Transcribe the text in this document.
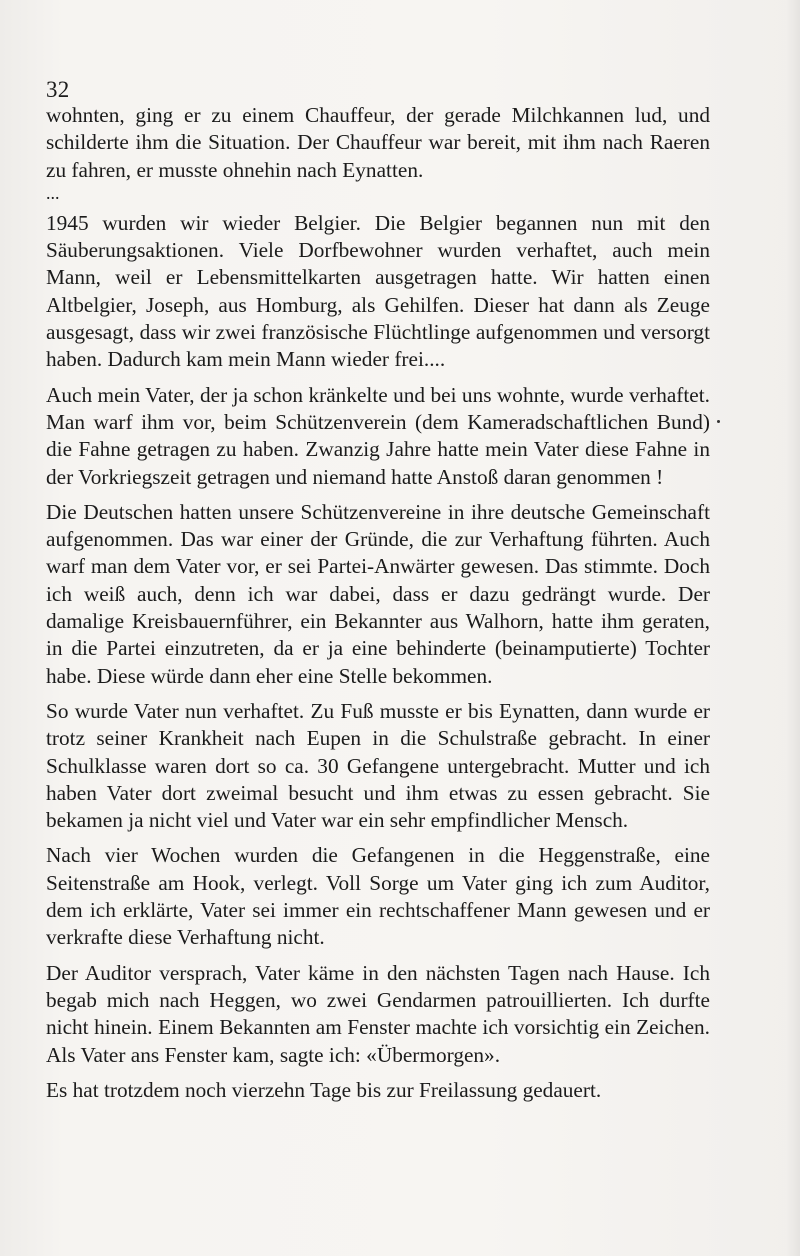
32

wohnten, ging er zu einem Chauffeur, der gerade Milchkannen lud, und schilderte ihm die Situation. Der Chauffeur war bereit, mit ihm nach Raeren zu fahren, er musste ohnehin nach Eynatten.

...

1945 wurden wir wieder Belgier. Die Belgier begannen nun mit den Säuberungsaktionen. Viele Dorfbewohner wurden verhaftet, auch mein Mann, weil er Lebensmittelkarten ausgetragen hatte. Wir hatten einen Altbelgier, Joseph, aus Homburg, als Gehilfen. Dieser hat dann als Zeuge ausgesagt, dass wir zwei französische Flüchtlinge aufgenommen und versorgt haben. Dadurch kam mein Mann wieder frei....

Auch mein Vater, der ja schon kränkelte und bei uns wohnte, wurde verhaftet. Man warf ihm vor, beim Schützenverein (dem Kameradschaftlichen Bund) die Fahne getragen zu haben. Zwanzig Jahre hatte mein Vater diese Fahne in der Vorkriegszeit getragen und niemand hatte Anstoß daran genommen !

Die Deutschen hatten unsere Schützenvereine in ihre deutsche Gemeinschaft aufgenommen. Das war einer der Gründe, die zur Verhaftung führten. Auch warf man dem Vater vor, er sei Partei-Anwärter gewesen. Das stimmte. Doch ich weiß auch, denn ich war dabei, dass er dazu gedrängt wurde. Der damalige Kreisbauernführer, ein Bekannter aus Walhorn, hatte ihm geraten, in die Partei einzutreten, da er ja eine behinderte (beinamputierte) Tochter habe. Diese würde dann eher eine Stelle bekommen.

So wurde Vater nun verhaftet. Zu Fuß musste er bis Eynatten, dann wurde er trotz seiner Krankheit nach Eupen in die Schulstraße gebracht. In einer Schulklasse waren dort so ca. 30 Gefangene untergebracht. Mutter und ich haben Vater dort zweimal besucht und ihm etwas zu essen gebracht. Sie bekamen ja nicht viel und Vater war ein sehr empfindlicher Mensch.

Nach vier Wochen wurden die Gefangenen in die Heggenstraße, eine Seitenstraße am Hook, verlegt. Voll Sorge um Vater ging ich zum Auditor, dem ich erklärte, Vater sei immer ein rechtschaffener Mann gewesen und er verkrafte diese Verhaftung nicht.

Der Auditor versprach, Vater käme in den nächsten Tagen nach Hause. Ich begab mich nach Heggen, wo zwei Gendarmen patrouillierten. Ich durfte nicht hinein. Einem Bekannten am Fenster machte ich vorsichtig ein Zeichen. Als Vater ans Fenster kam, sagte ich: «Übermorgen».

Es hat trotzdem noch vierzehn Tage bis zur Freilassung gedauert.
